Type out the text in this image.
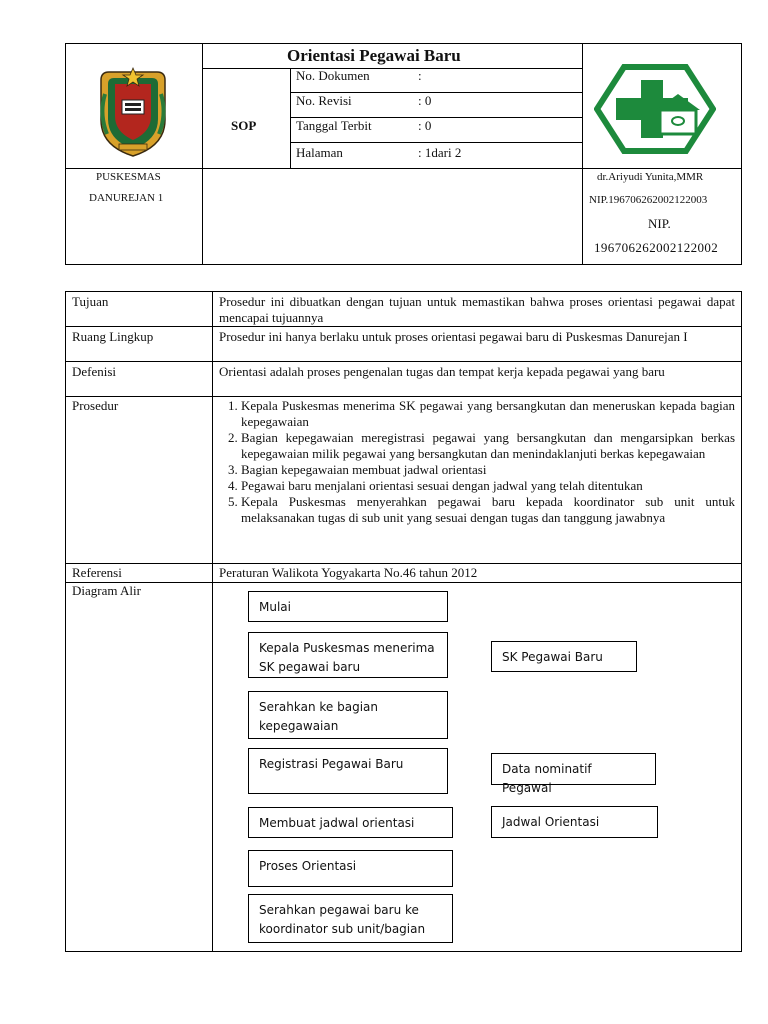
Orientasi Pegawai Baru
SOP
No. Dokumen	:
No. Revisi	: 0
Tanggal Terbit	: 0
Halaman	: 1dari 2
PUSKESMAS
DANUREJAN 1
dr.Ariyudi Yunita,MMR
NIP.196706262002122003
NIP.
196706262002122002
Tujuan	Prosedur ini dibuatkan dengan tujuan untuk memastikan bahwa proses orientasi pegawai dapat mencapai tujuannya
Ruang Lingkup	Prosedur ini hanya berlaku untuk proses orientasi pegawai baru di Puskesmas Danurejan I
Defenisi	Orientasi adalah proses pengenalan tugas dan tempat kerja kepada pegawai yang baru
Prosedur
1.	Kepala Puskesmas menerima SK pegawai yang bersangkutan dan meneruskan kepada bagian kepegawaian
2. Bagian kepegawaian meregistrasi pegawai yang bersangkutan dan mengarsipkan berkas kepegawaian milik pegawai yang bersangkutan dan menindaklanjuti berkas kepegawaian
3. Bagian kepegawaian membuat jadwal orientasi
4. Pegawai baru menjalani orientasi sesuai dengan jadwal yang telah ditentukan
5. Kepala Puskesmas menyerahkan pegawai baru kepada koordinator sub unit untuk melaksanakan tugas di sub unit yang sesuai dengan tugas dan tanggung jawabnya
Referensi	Peraturan Walikota Yogyakarta No.46 tahun 2012
Diagram Alir
Mulai
Kepala Puskesmas menerima SK pegawai baru
Serahkan ke bagian kepegawaian
Registrasi Pegawai Baru
Membuat jadwal orientasi
Proses Orientasi
Serahkan pegawai baru ke koordinator sub unit/bagian
SK Pegawai Baru
Data nominatif Pegawai
Jadwal Orientasi
